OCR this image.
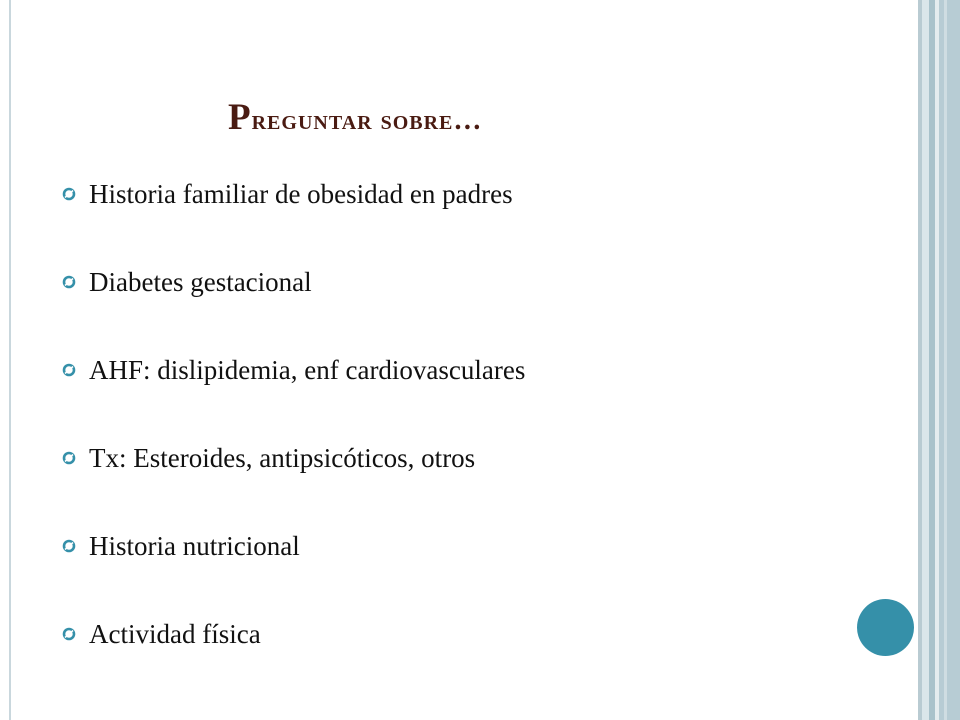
Preguntar sobre…
Historia familiar de obesidad en padres
Diabetes gestacional
AHF: dislipidemia, enf cardiovasculares
Tx: Esteroides, antipsicóticos, otros
Historia nutricional
Actividad física
